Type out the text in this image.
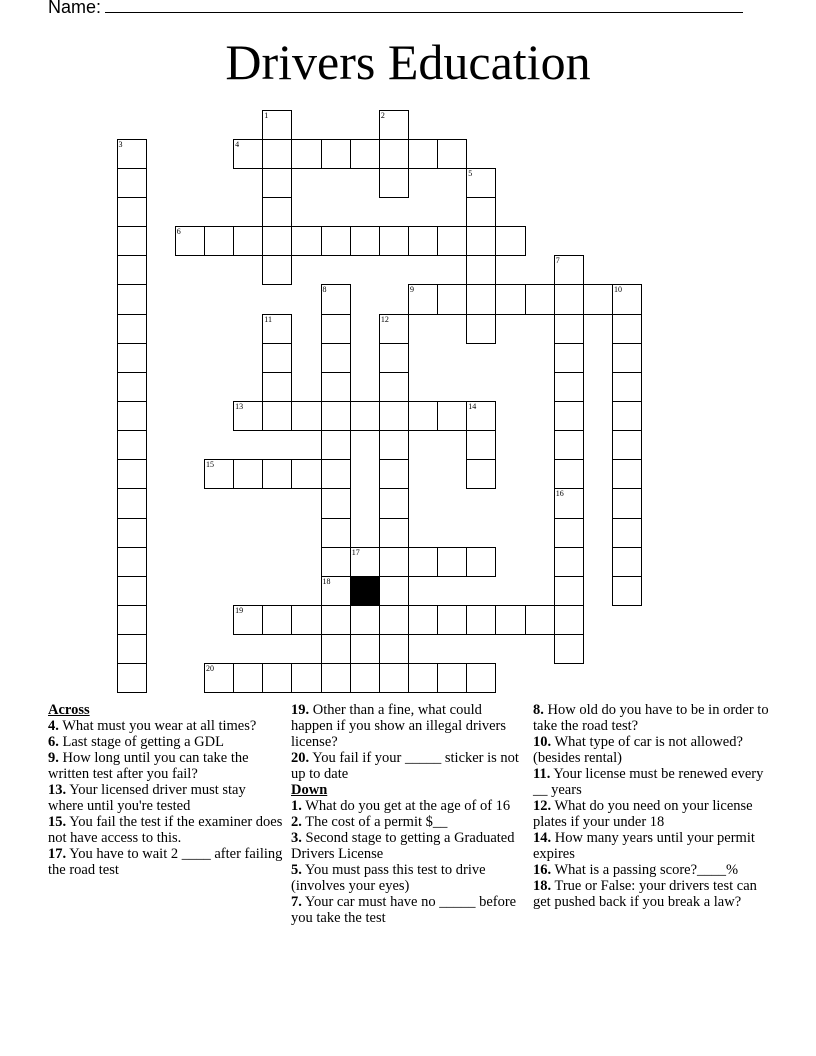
Name:
Drivers Education
1	2
3	4
5
6
7
8	9	10
11	12
13	14
15
16
17
18
19
20
Across
4. What must you wear at all times?
6. Last stage of getting a GDL
9. How long until you can take the written test after you fail?
13. Your licensed driver must stay where until you're tested
15. You fail the test if the examiner does not have access to this.
17. You have to wait 2 ____ after failing the road test
19. Other than a fine, what could happen if you show an illegal drivers license?
20. You fail if your _____ sticker is not up to date
Down
1. What do you get at the age of of 16
2. The cost of a permit $__
3. Second stage to getting a Graduated Drivers License
5. You must pass this test to drive (involves your eyes)
7. Your car must have no _____ before you take the test
8. How old do you have to be in order to take the road test?
10. What type of car is not allowed? (besides rental)
11. Your license must be renewed every __ years
12. What do you need on your license plates if your under 18
14. How many years until your permit expires
16. What is a passing score?____%
18. True or False: your drivers test can get pushed back if you break a law?
